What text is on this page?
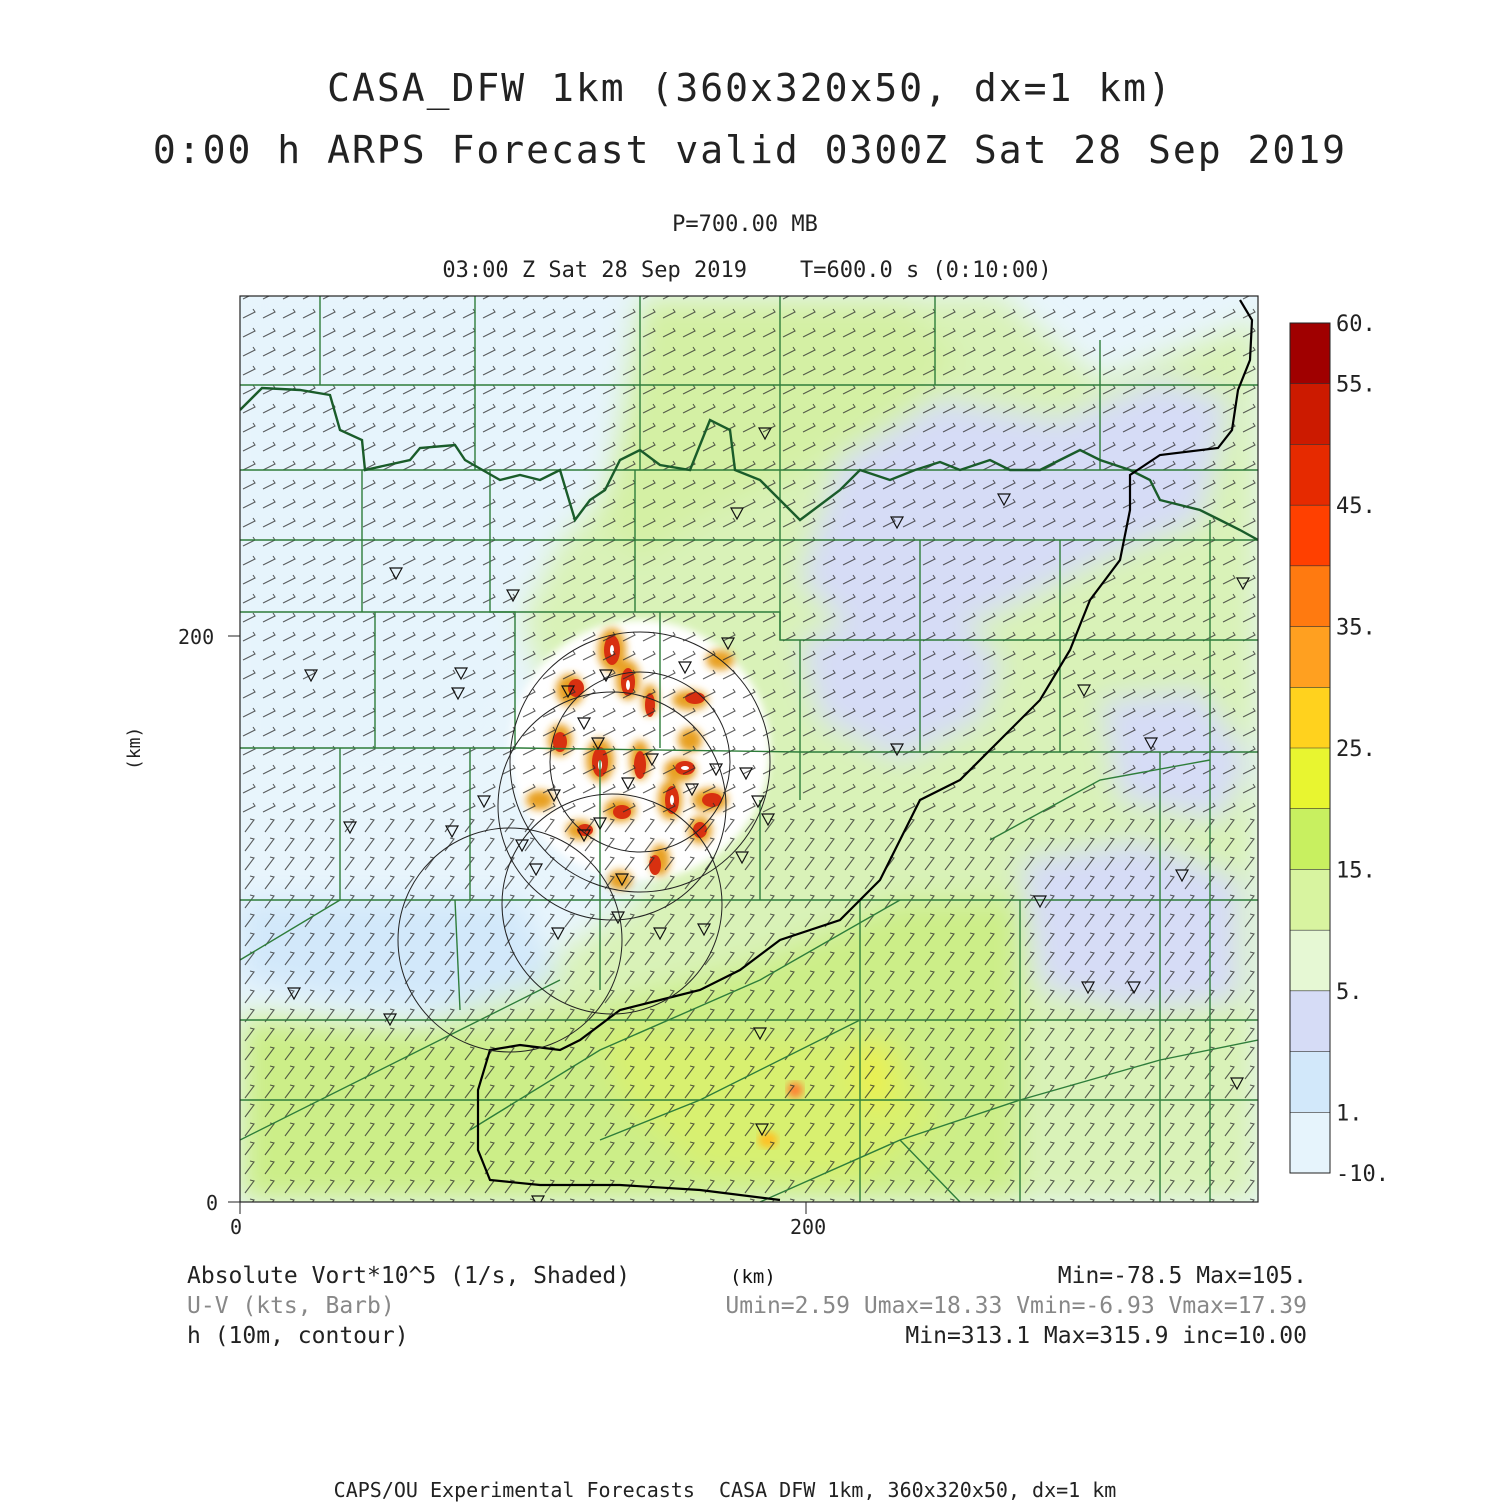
CASA_DFW 1km (360x320x50, dx=1 km)
0:00 h ARPS Forecast valid 0300Z Sat 28 Sep 2019
P=700.00 MB
03:00 Z Sat 28 Sep 2019    T=600.0 s (0:10:00)
0
200
0	200
(km)
60.
55.
45.
35.
25.
15.
5.
1.
-10.
Absolute Vort*10^5 (1/s, Shaded)
U-V (kts, Barb)
h (10m, contour)
(km)	Min=-78.5 Max=105.
Umin=2.59 Umax=18.33 Vmin=-6.93 Vmax=17.39
Min=313.1 Max=315.9 inc=10.00
CAPS/OU Experimental Forecasts  CASA DFW 1km, 360x320x50, dx=1 km
